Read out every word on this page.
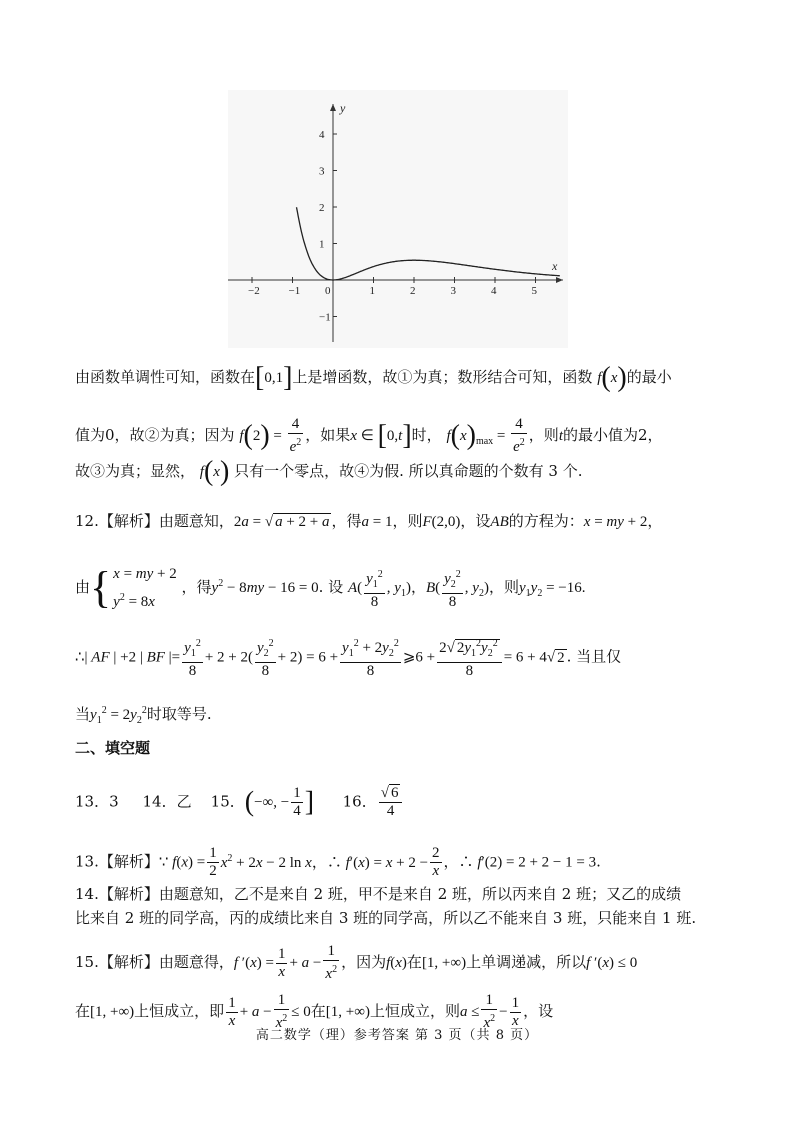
−2	−1 0	1	2	3	4	5
4
3
2
1
−1
y
x
由函数单调性可知，函数在[0,1]上是增函数，故①为真；数形结合可知，函数 f(x)的最小
值为0，故②为真；因为 $f(2) = \frac{4}{e^2}$ ，如果x ∈ [0,t]时， $f(x)_{max} = \frac{4}{e^2}$ ，则t的最小值为2，
故③为真；显然， f(x) 只有一个零点，故④为假. 所以真命题的个数有 3 个.
12.【解析】由题意知，2a = √ a + 2 + a ，得a = 1，则F(2,0)，设AB的方程为：x = my + 2，
由{ x = my + 2
$y^2 = 8x$
，得$y^2 - 8my - 16 = 0$. 设 $A( \frac{y_1^2}{8}$ , $y_1$)，$B( \frac{y_2^2}{8}$ , $y_2$)，则$y_1y_2 = -16$.
∴| AF | +2 | BF |= $\frac{y_1^2}{8} + 2 + 2( \frac{y_2^2}{8} + 2) = 6 + \frac{y_1^2 + 2y_2^2}{8}$ ⩾6 + $\frac{2√ 2y_1^2y_2^2}{8} = 6 + 4√$ 2 . 当且仅
当$y_1^2 = 2y_2^2$时取等号.
二、填空题
13．3 14．乙 15．(−∞, − $\frac{1}{4}$ ] 16． $\frac{√ 6}{4}$
13.【解析】∵ $f(x) = \frac{1}{2} x^2 + 2x - 2$ ln x，∴ $f'(x) = x + 2 - \frac{2}{x}$ ，∴ f′(2) = 2 + 2 − 1 = 3.
14.【解析】由题意知，乙不是来自 2 班，甲不是来自 2 班，所以丙来自 2 班；又乙的成绩
比来自 2 班的同学高，丙的成绩比来自 3 班的同学高，所以乙不能来自 3 班，只能来自 1 班.
15.【解析】由题意得，f $'(x) = \frac{1}{x} + a - \frac{1}{x^2}$ ，因为f(x)在[1, +∞)上单调递减，所以f ′(x) ≤ 0
在[1, +∞)上恒成立，即 $\frac{1}{x} + a - \frac{1}{x^2} \le 0$在[1, +∞)上恒成立，则$a \le \frac{1}{x^2} - \frac{1}{x}$ ，设
高二数学（理）参考答案 第 3 页（共 8 页）
